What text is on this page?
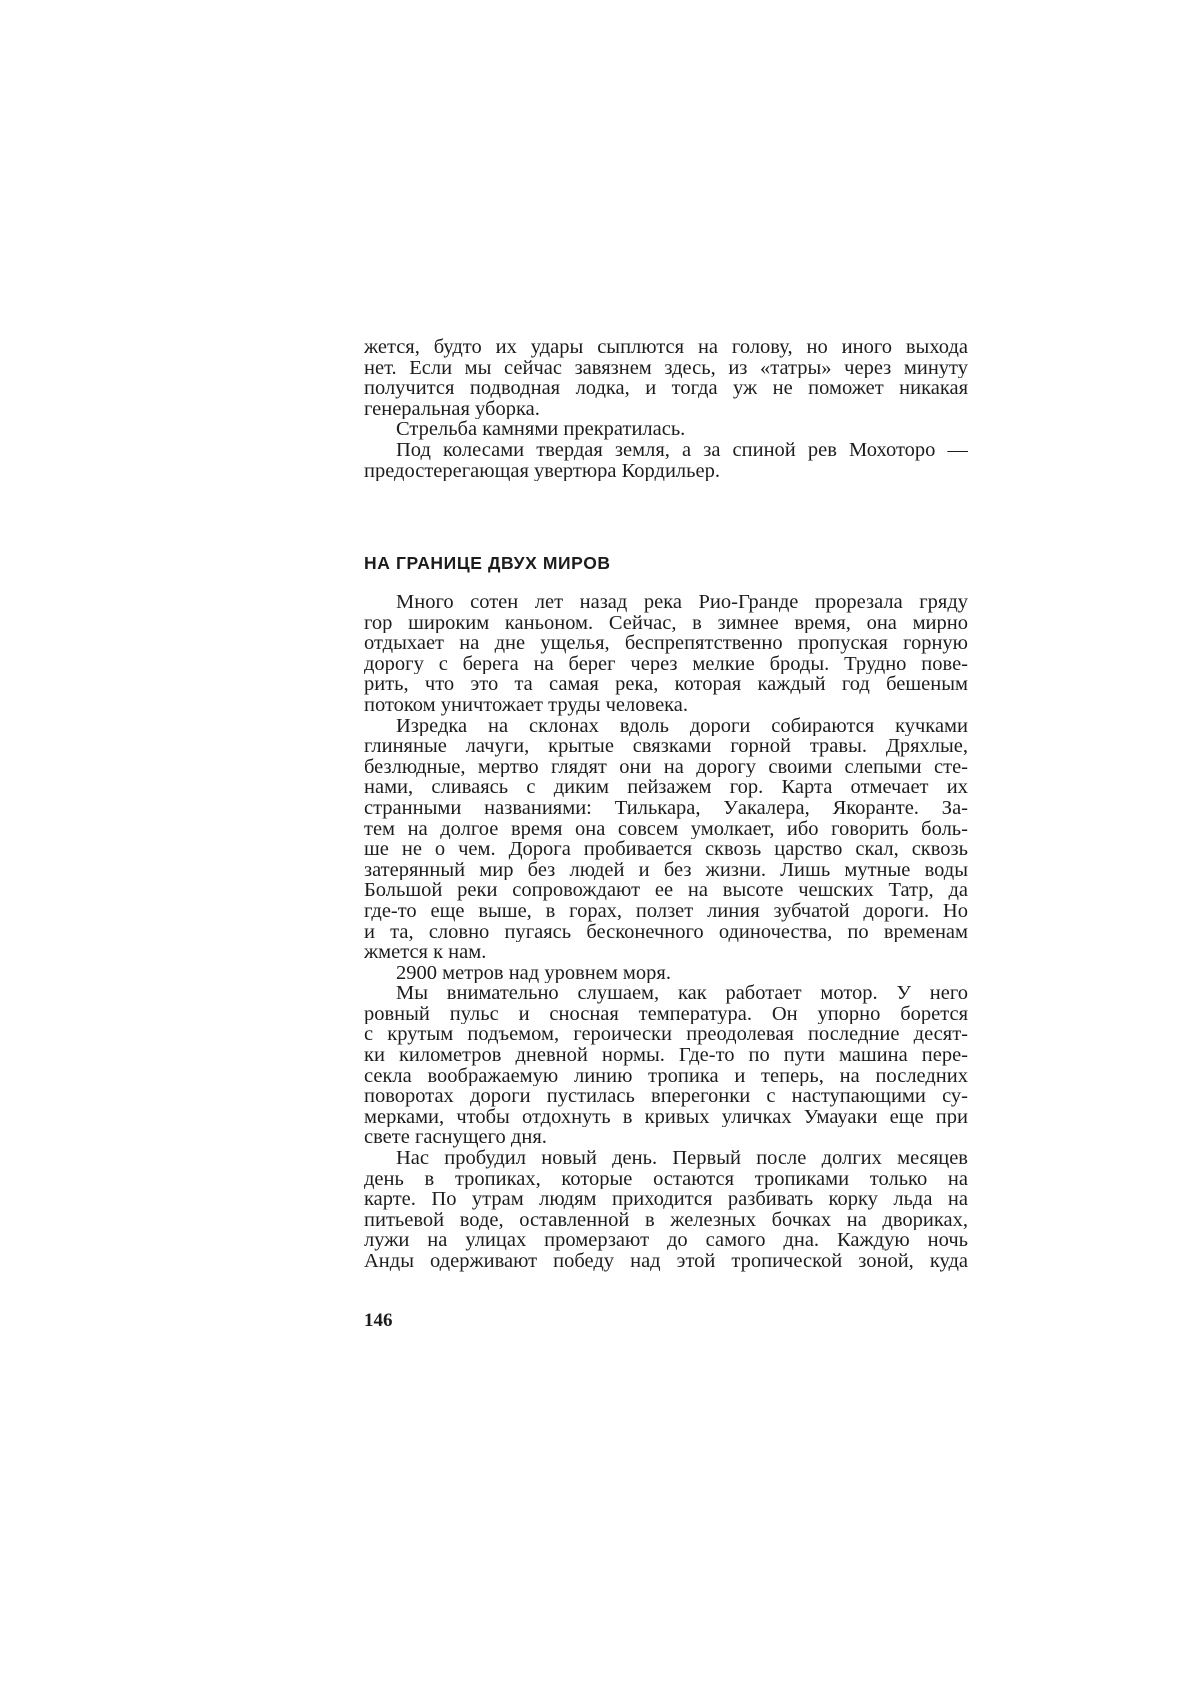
жется, будто их удары сыплются на голову, но иного выхода
нет. Если мы сейчас завязнем здесь, из «татры» через минуту
получится подводная лодка, и тогда уж не поможет никакая
генеральная уборка.
Стрельба камнями прекратилась.
Под колесами твердая земля, а за спиной рев Мохоторо —
предостерегающая увертюра Кордильер.
НА ГРАНИЦЕ ДВУХ МИРОВ
Много сотен лет назад река Рио-Гранде прорезала гряду
гор широким каньоном. Сейчас, в зимнее время, она мирно
отдыхает на дне ущелья, беспрепятственно пропуская горную
дорогу с берега на берег через мелкие броды. Трудно пове-
рить, что это та самая река, которая каждый год бешеным
потоком уничтожает труды человека.
Изредка на склонах вдоль дороги собираются кучками
глиняные лачуги, крытые связками горной травы. Дряхлые,
безлюдные, мертво глядят они на дорогу своими слепыми сте-
нами, сливаясь с диким пейзажем гор. Карта отмечает их
странными названиями: Тилькара, Уакалера, Якоранте. За-
тем на долгое время она совсем умолкает, ибо говорить боль-
ше не о чем. Дорога пробивается сквозь царство скал, сквозь
затерянный мир без людей и без жизни. Лишь мутные воды
Большой реки сопровождают ее на высоте чешских Татр, да
где-то еще выше, в горах, ползет линия зубчатой дороги. Но
и та, словно пугаясь бесконечного одиночества, по временам
жмется к нам.
2900 метров над уровнем моря.
Мы внимательно слушаем, как работает мотор. У него
ровный пульс и сносная температура. Он упорно борется
с крутым подъемом, героически преодолевая последние десят-
ки километров дневной нормы. Где-то по пути машина пере-
секла воображаемую линию тропика и теперь, на последних
поворотах дороги пустилась вперегонки с наступающими су-
мерками, чтобы отдохнуть в кривых уличках Умауаки еще при
свете гаснущего дня.
Нас пробудил новый день. Первый после долгих месяцев
день в тропиках, которые остаются тропиками только на
карте. По утрам людям приходится разбивать корку льда на
питьевой воде, оставленной в железных бочках на двориках,
лужи на улицах промерзают до самого дна. Каждую ночь
Анды одерживают победу над этой тропической зоной, куда
146
